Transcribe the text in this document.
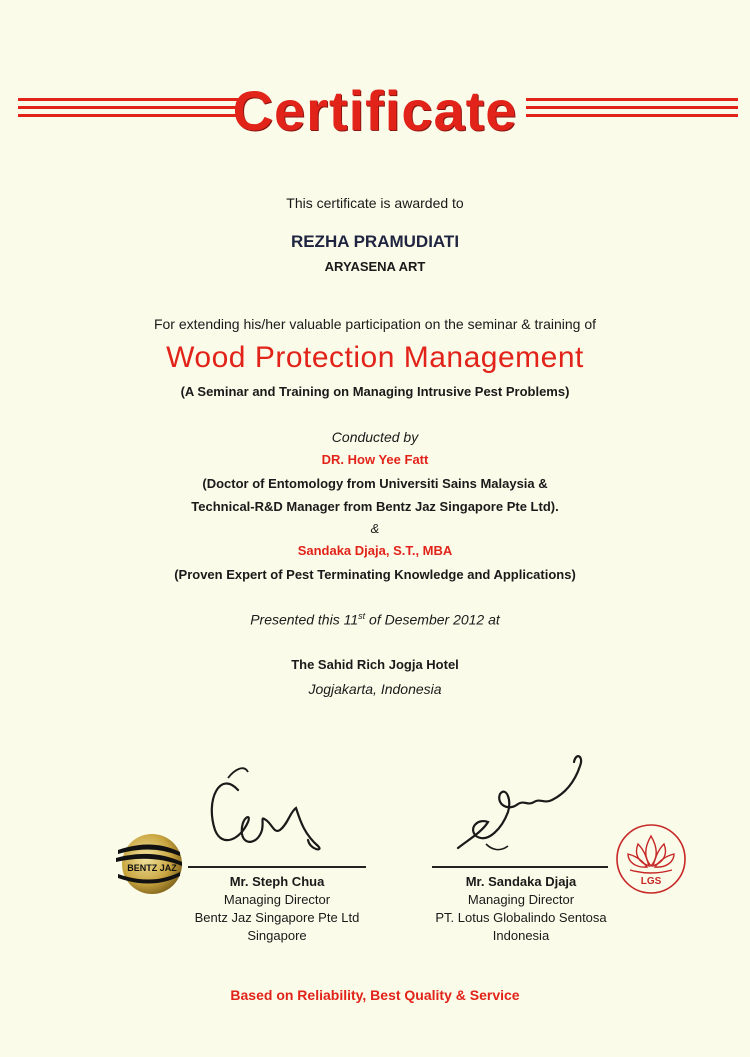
Certificate
This certificate is awarded to
REZHA PRAMUDIATI
ARYASENA ART
For extending his/her valuable participation on the seminar & training of
Wood Protection Management
(A Seminar and Training on Managing Intrusive Pest Problems)
Conducted by
DR. How Yee Fatt
(Doctor of Entomology from Universiti Sains Malaysia &
Technical-R&D Manager from Bentz Jaz Singapore Pte Ltd).
&
Sandaka Djaja, S.T., MBA
(Proven Expert of Pest Terminating Knowledge and Applications)
Presented this 11st of Desember 2012 at
The Sahid Rich Jogja Hotel
Jogjakarta, Indonesia
BENTZ JAZ
LGS
Mr. Steph Chua
Managing Director
Bentz Jaz Singapore Pte Ltd
Singapore
Mr. Sandaka Djaja
Managing Director
PT. Lotus Globalindo Sentosa
Indonesia
Based on Reliability, Best Quality & Service
